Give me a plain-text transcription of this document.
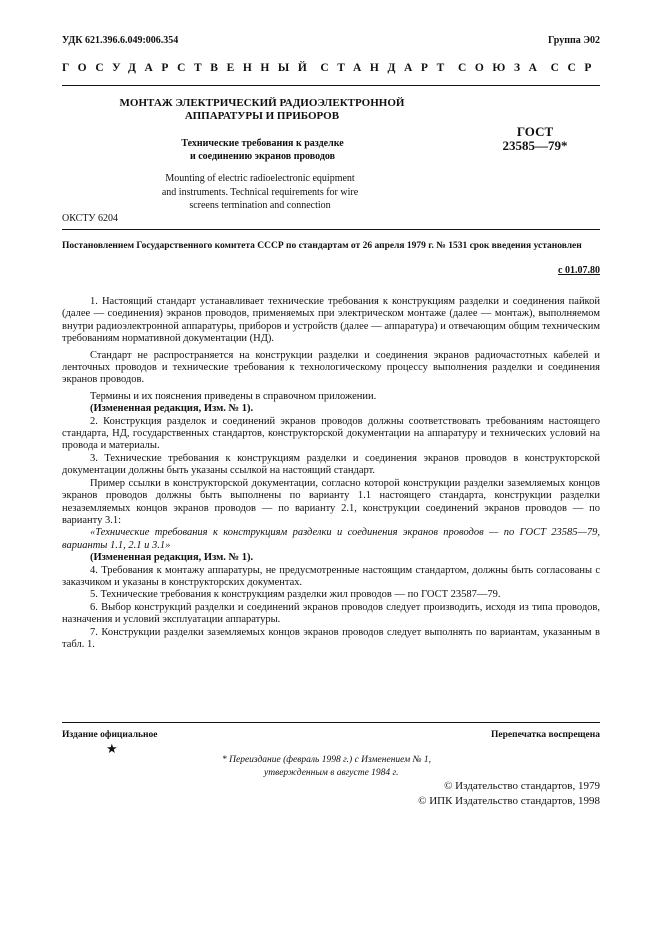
УДК 621.396.6.049:006.354	Группа Э02
ГОСУДАРСТВЕННЫЙ СТАНДАРТ СОЮЗА ССР
МОНТАЖ ЭЛЕКТРИЧЕСКИЙ РАДИОЭЛЕКТРОННОЙ
АППАРАТУРЫ И ПРИБОРОВ
Технические требования к разделке
и соединению экранов проводов
ГОСТ
23585—79*
Mounting of electric radioelectronic equipment
and instruments. Technical requirements for wire
screens termination and connection
ОКСТУ 6204
Постановлением Государственного комитета СССР по стандартам от 26 апреля 1979 г. № 1531 срок введения установлен
с 01.07.80

1. Настоящий стандарт устанавливает технические требования к конструкциям разделки и соединения пайкой (далее — соединения) экранов проводов, применяемых при электрическом монтаже (далее — монтаж), выполняемом внутри радиоэлектронной аппаратуры, приборов и устройств (далее — аппаратура) и отвечающим общим техническим требованиям нормативной документации (НД).

Стандарт не распространяется на конструкции разделки и соединения экранов радиочастотных кабелей и ленточных проводов и технические требования к технологическому процессу выполнения разделки и соединения экранов проводов.

Термины и их пояснения приведены в справочном приложении.

(Измененная редакция, Изм. № 1).

2. Конструкция разделок и соединений экранов проводов должны соответствовать требованиям настоящего стандарта, НД, государственных стандартов, конструкторской документации на аппаратуру и технических условий на провода и материалы.

3. Технические требования к конструкциям разделки и соединения экранов проводов в конструкторской документации должны быть указаны ссылкой на настоящий стандарт.

Пример ссылки в конструкторской документации, согласно которой конструкции разделки заземляемых концов экранов проводов должны быть выполнены по варианту 1.1 настоящего стандарта, конструкции разделки незаземляемых концов экранов проводов — по варианту 2.1, конструкции соединений экранов проводов — по варианту 3.1:

«Технические требования к конструкциям разделки и соединения экранов проводов — по ГОСТ 23585—79, варианты 1.1, 2.1 и 3.1»

(Измененная редакция, Изм. № 1).

4. Требования к монтажу аппаратуры, не предусмотренные настоящим стандартом, должны быть согласованы с заказчиком и указаны в конструкторских документах.

5. Технические требования к конструкциям разделки жил проводов — по ГОСТ 23587—79.

6. Выбор конструкций разделки и соединений экранов проводов следует производить, исходя из типа проводов, назначения и условий эксплуатации аппаратуры.

7. Конструкции разделки заземляемых концов экранов проводов следует выполнять по вариантам, указанным в табл. 1.

Издание официальное	Перепечатка воспрещена
★
* Переиздание (февраль 1998 г.) с Изменением № 1,
утвержденным в августе 1984 г.
© Издательство стандартов, 1979
© ИПК Издательство стандартов, 1998
